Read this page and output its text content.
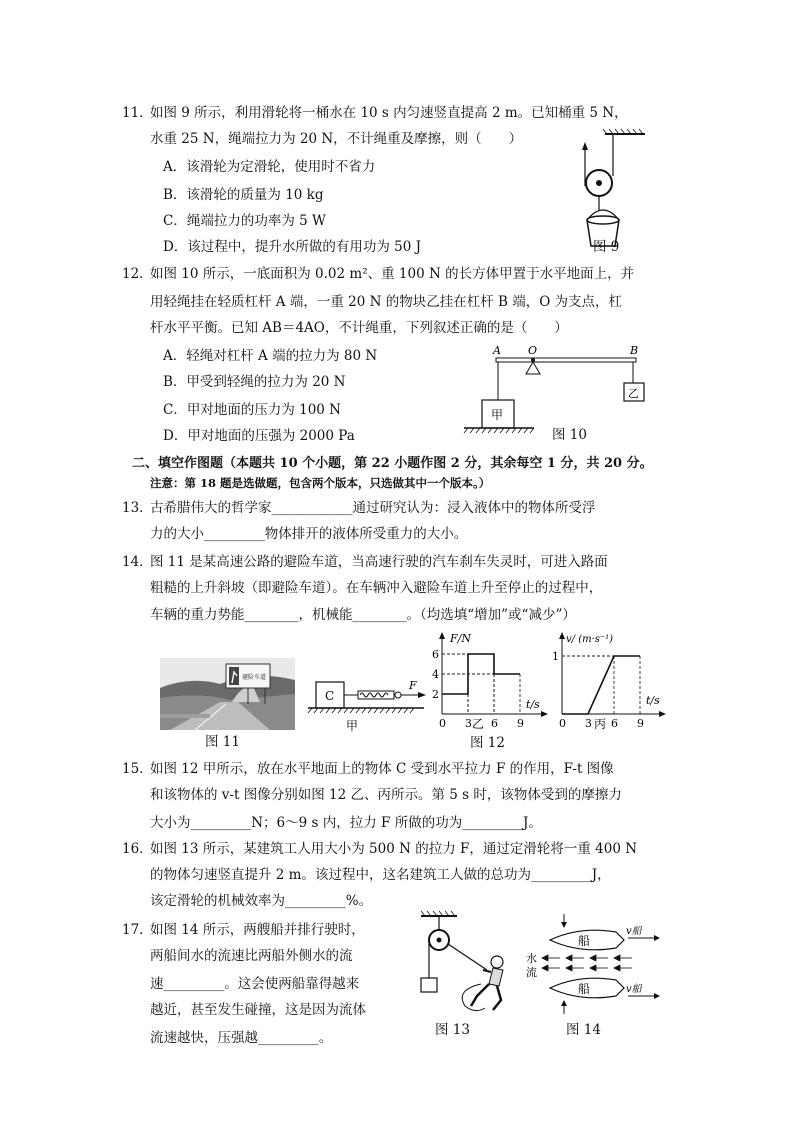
11．
如图 9 所示，利用滑轮将一桶水在 10 s 内匀速竖直提高 2 m。已知桶重 5 N，
水重 25 N，绳端拉力为 20 N，不计绳重及摩擦，则（　　）
A．该滑轮为定滑轮，使用时不省力
B．该滑轮的质量为 10 kg
C．绳端拉力的功率为 5 W
D．该过程中，提升水所做的有用功为 50 J	图 9
12．
如图 10 所示，一底面积为 0.02 m²、重 100 N 的长方体甲置于水平地面上，并
用轻绳挂在轻质杠杆 A 端，一重 20 N 的物块乙挂在杠杆 B 端，O 为支点，杠
杆水平平衡。已知 AB＝4AO，不计绳重，下列叙述正确的是（　　）
A．轻绳对杠杆 A 端的拉力为 80 N
B．甲受到轻绳的拉力为 20 N
C．甲对地面的压力为 100 N
D．甲对地面的压强为 2000 Pa
A O	B
甲
乙
图 10
二、填空作图题（本题共 10 个小题，第 22 小题作图 2 分，其余每空 1 分，共 20 分。
注意：第 18 题是选做题，包含两个版本，只选做其中一个版本。）
13．
古希腊伟大的哲学家____________通过研究认为：浸入液体中的物体所受浮
力的大小_________物体排开的液体所受重力的大小。
14．
图 11 是某高速公路的避险车道，当高速行驶的汽车刹车失灵时，可进入路面
粗糙的上升斜坡（即避险车道）。在车辆冲入避险车道上升至停止的过程中，
车辆的重力势能________，机械能________。（均选填“增加”或“减少”）
避险车道
图 11
C
F
甲
F/N
t/s
6
4
2
0 3 6 9
乙
v/ (m·s⁻¹)
t/s
1
0 3 6 9
丙
图 12
15．
如图 12 甲所示，放在水平地面上的物体 C 受到水平拉力 F 的作用，F-t 图像
和该物体的 v-t 图像分别如图 12 乙、丙所示。第 5 s 时，该物体受到的摩擦力
大小为_________N；6～9 s 内，拉力 F 所做的功为_________J。
16．
如图 13 所示，某建筑工人用大小为 500 N 的拉力 F，通过定滑轮将一重 400 N
的物体匀速竖直提升 2 m。该过程中，这名建筑工人做的总功为_________J，
该定滑轮的机械效率为_________%。
17．
如图 14 所示，两艘船并排行驶时，
两船间水的流速比两船外侧水的流
速_________。这会使两船靠得越来
越近，甚至发生碰撞，这是因为流体
流速越快，压强越_________。	图 13
船
v船
水
流
船	v船
图 14
